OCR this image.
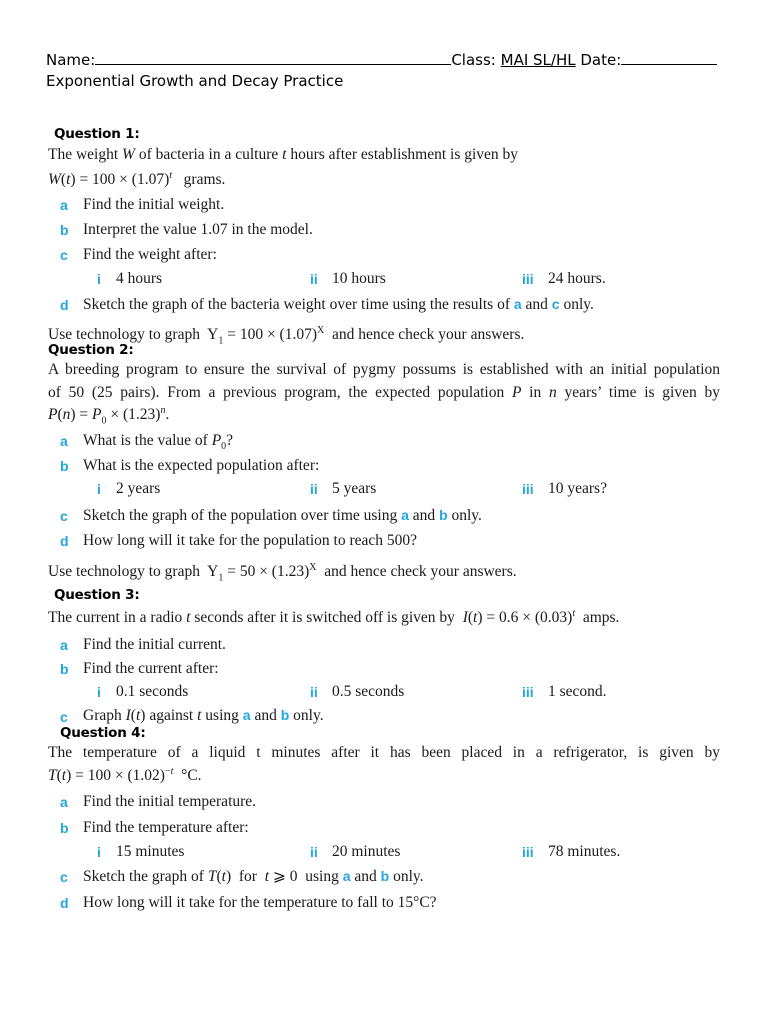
Name:	Class: MAI SL/HL Date:
Exponential Growth and Decay Practice
Question 1:
The weight W of bacteria in a culture t hours after establishment is given by
$W(t) = 100 \times (1.07)^t$   grams.
a Find the initial weight.
b Interpret the value 1.07 in the model.
c Find the weight after:
i 4 hours	ii 10 hours	iii 24 hours.
d Sketch the graph of the bacteria weight over time using the results of a and c only.
Use technology to graph  $Y_1 = 100 \times (1.07)^X$  and hence check your answers.
Question 2:
A breeding program to ensure the survival of pygmy possums is established with an initial population
of 50 (25 pairs). From a previous program, the expected population P in n years’ time is given by
$P(n) = P_0 \times (1.23)^n$.
a What is the value of $P_0$?
b What is the expected population after:
i 2 years	ii 5 years	iii 10 years?
c Sketch the graph of the population over time using a and b only.
d How long will it take for the population to reach 500?
Use technology to graph  $Y_1 = 50 \times (1.23)^X$  and hence check your answers.
Question 3:
The current in a radio t seconds after it is switched off is given by  $I(t) = 0.6 \times (0.03)^t$  amps.
a Find the initial current.
b Find the current after:
i 0.1 seconds	ii 0.5 seconds	iii 1 second.
c Graph I(t) against t using a and b only.
Question 4:
The temperature of a liquid t minutes after it has been placed in a refrigerator, is given by
$T(t) = 100 \times (1.02)^{-t}$  °C.
a Find the initial temperature.
b Find the temperature after:
i 15 minutes	ii 20 minutes	iii 78 minutes.
c Sketch the graph of T(t)  for t ⩾ 0  using a and b only.
d How long will it take for the temperature to fall to 15°C?
